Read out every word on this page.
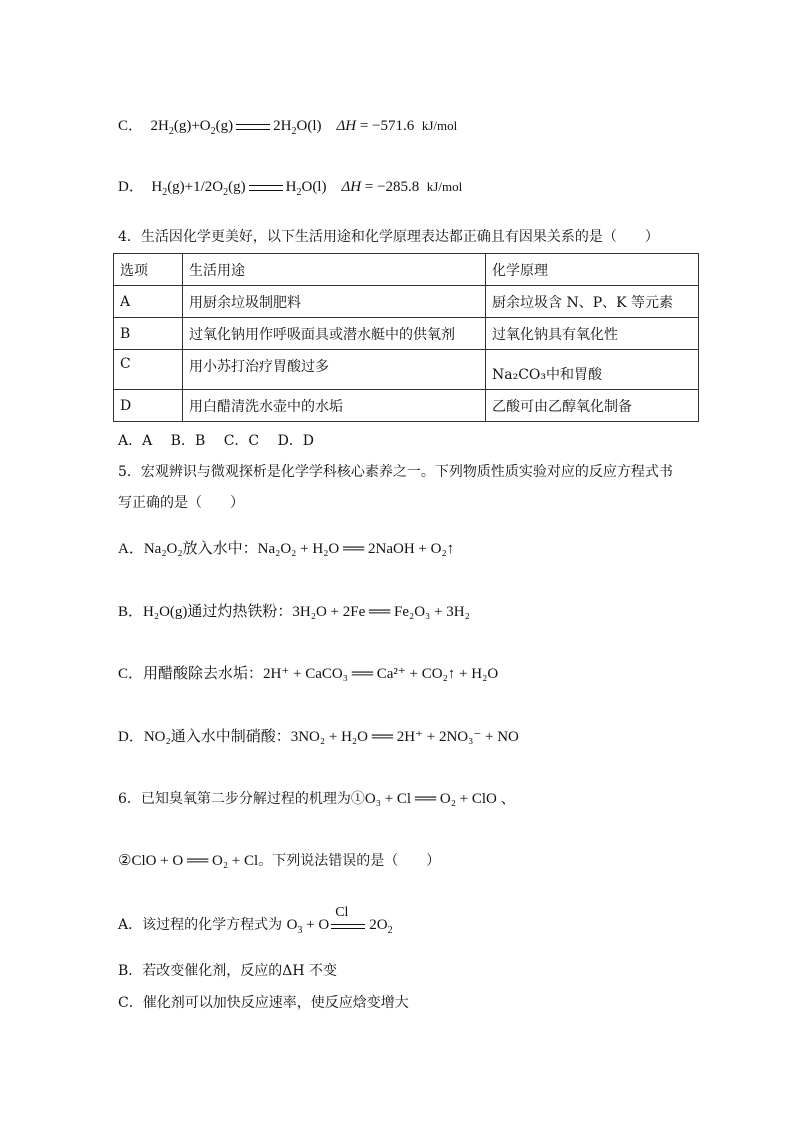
C．  $2H_2(g)+O_2(g)$	$2H_2O(l)$    ΔH = −571.6  kJ/mol
D．  $H_2(g)+1/2O_2(g)$	$H_2O(l)$    ΔH = −285.8  kJ/mol
4．生活因化学更美好，以下生活用途和化学原理表达都正确且有因果关系的是（　　）
选项	生活用途	化学原理
A	用厨余垃圾制肥料	厨余垃圾含 N、P、K 等元素
B	过氧化钠用作呼吸面具或潜水艇中的供氧剂	过氧化钠具有氧化性
C	用小苏打治疗胃酸过多	Na₂CO₃中和胃酸
D	用白醋清洗水壶中的水垢	乙酸可由乙醇氧化制备
A．A　 B．B　 C．C　 D．D
5．宏观辨识与微观探析是化学学科核心素养之一。下列物质性质实验对应的反应方程式书
写正确的是（　　）
A．Na₂O₂放入水中：Na₂O₂ + H₂O ══ 2NaOH + O₂↑
B．H₂O(g)通过灼热铁粉：3H₂O + 2Fe ══ Fe₂O₃ + 3H₂
C．用醋酸除去水垢：2H⁺ + CaCO₃ ══ Ca²⁺ + CO₂↑ + H₂O
D．NO₂通入水中制硝酸：3NO₂ + H₂O ══ 2H⁺ + 2NO₃⁻ + NO
6．已知臭氧第二步分解过程的机理为①O₃ + Cl ══ O₂ + ClO 、
②ClO + O ══ O₂ + Cl。下列说法错误的是（　　）
A．该过程的化学方程式为 $O_3 + O$
Cl
$2O_2$
B．若改变催化剂，反应的ΔH 不变
C．催化剂可以加快反应速率，使反应焓变增大
